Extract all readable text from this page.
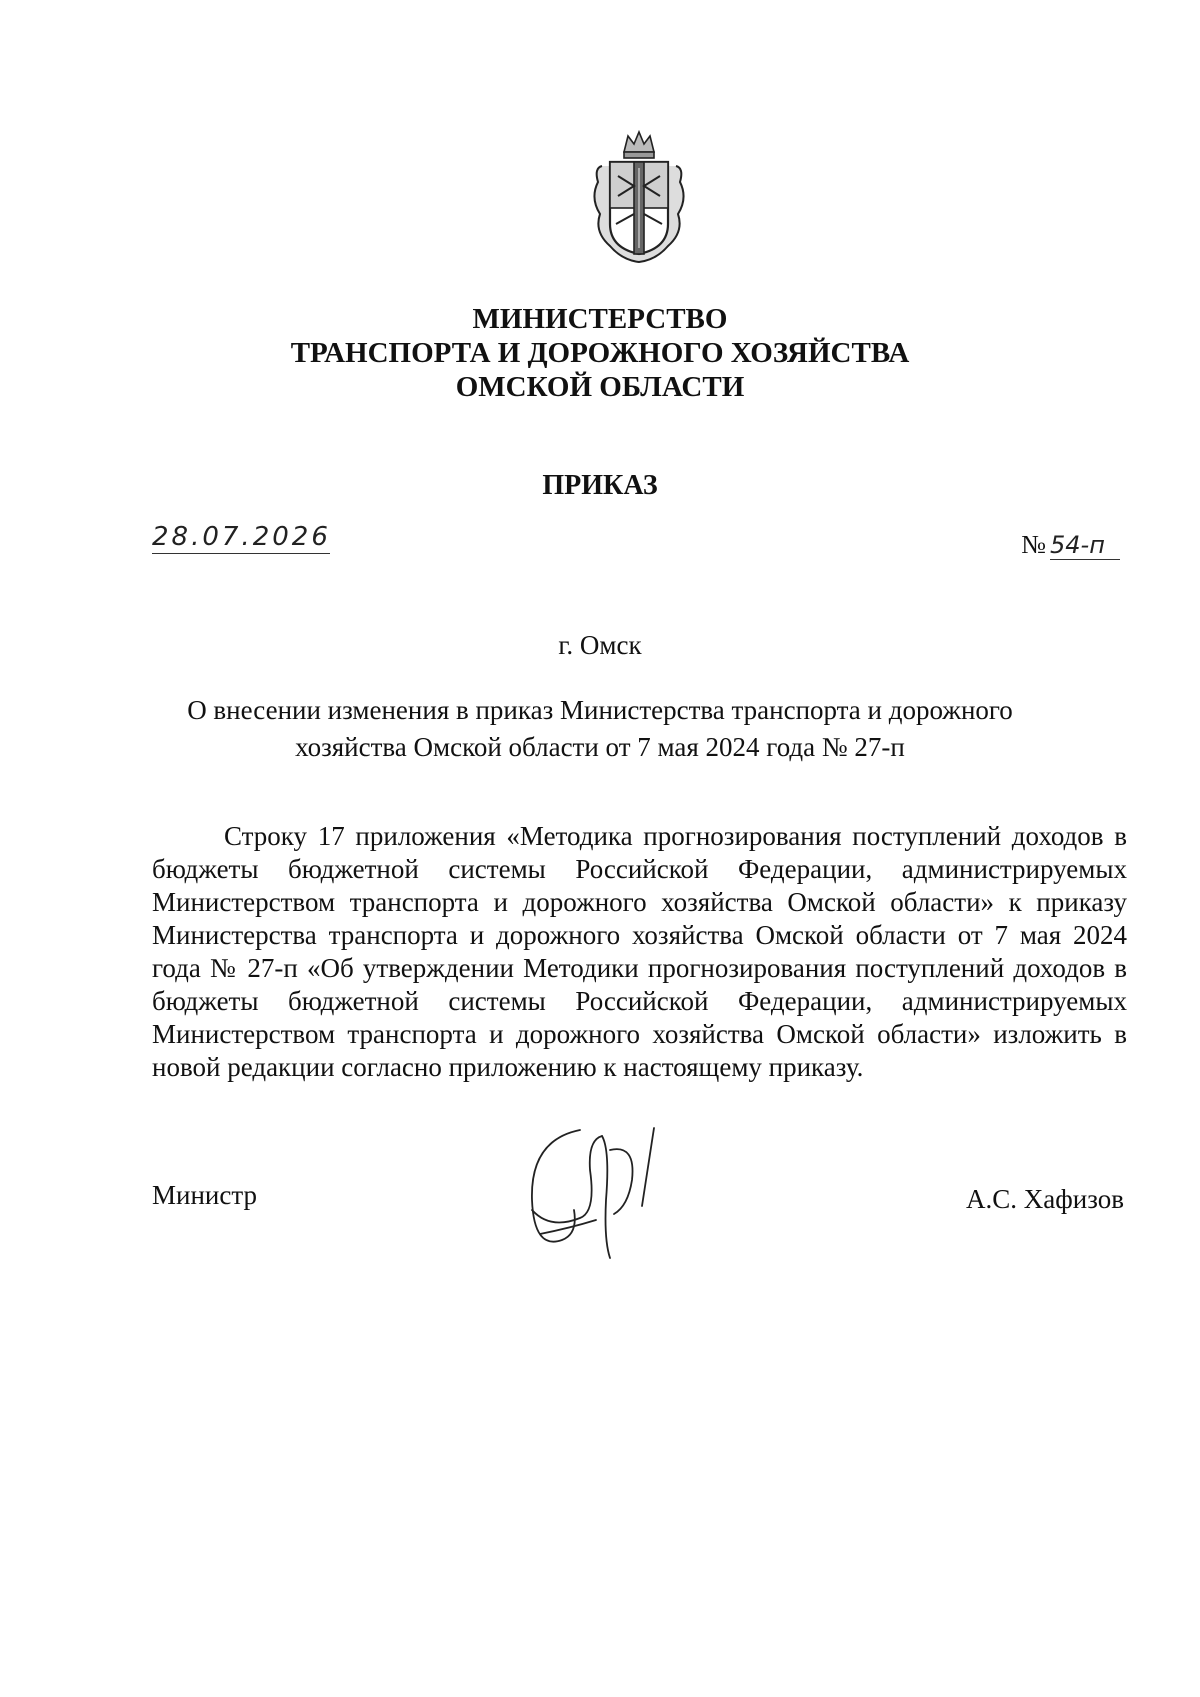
МИНИСТЕРСТВО
ТРАНСПОРТА И ДОРОЖНОГО ХОЗЯЙСТВА
ОМСКОЙ ОБЛАСТИ
ПРИКАЗ
28.07.2026	№ 54-п
г. Омск
О внесении изменения в приказ Министерства транспорта и дорожного
хозяйства Омской области от 7 мая 2024 года № 27-п
Строку 17 приложения «Методика прогнозирования поступлений доходов в бюджеты бюджетной системы Российской Федерации, администрируемых Министерством транспорта и дорожного хозяйства Омской области» к приказу Министерства транспорта и дорожного хозяйства Омской области от 7 мая 2024 года № 27-п «Об утверждении Методики прогнозирования поступлений доходов в бюджеты бюджетной системы Российской Федерации, администрируемых Министерством транспорта и дорожного хозяйства Омской области» изложить в новой редакции согласно приложению к настоящему приказу.
Министр	А.С. Хафизов
